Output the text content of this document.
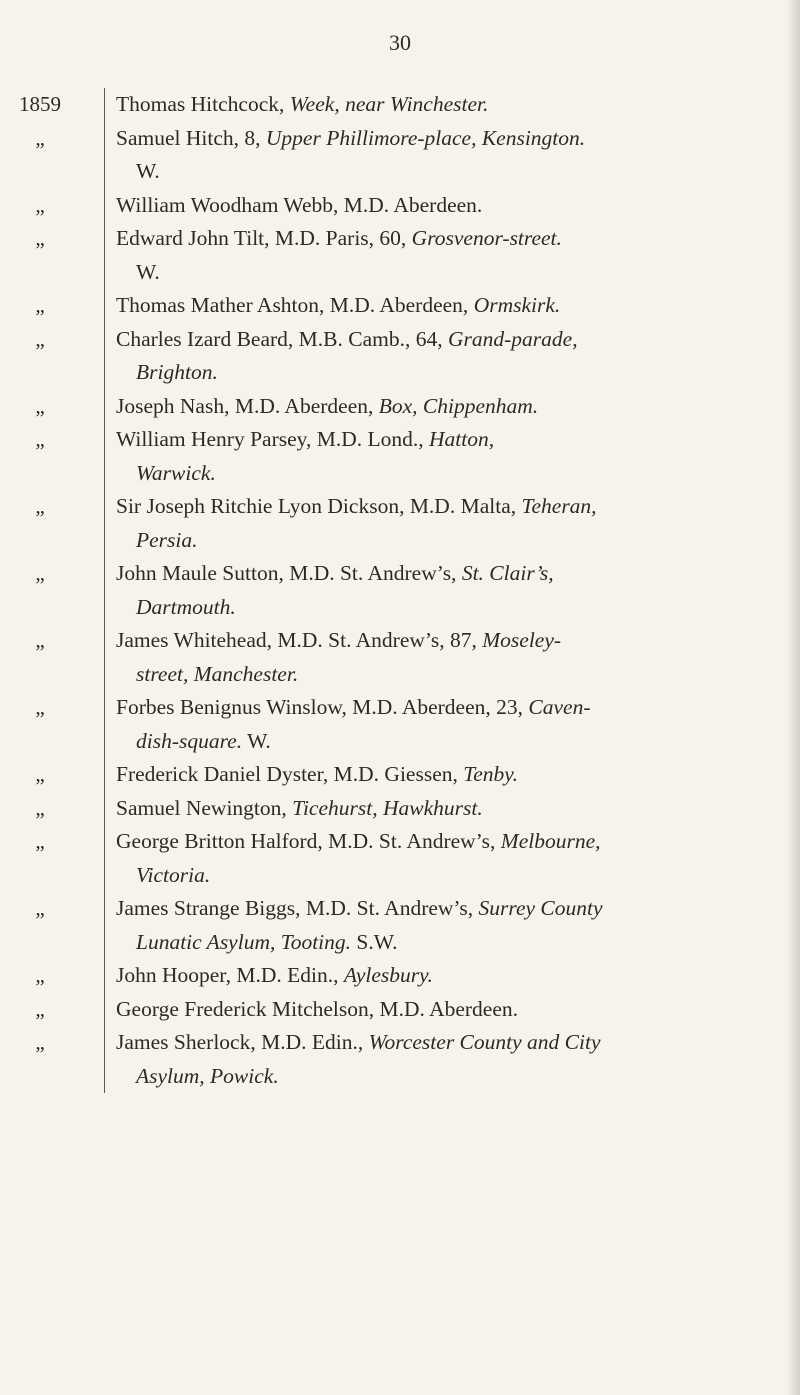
30
1859	Thomas Hitchcock, Week, near Winchester.
„	Samuel Hitch, 8, Upper Phillimore-place, Kensington.
W.
„	William Woodham Webb, M.D. Aberdeen.
„	Edward John Tilt, M.D. Paris, 60, Grosvenor-street.
W.
„	Thomas Mather Ashton, M.D. Aberdeen, Ormskirk.
„	Charles Izard Beard, M.B. Camb., 64, Grand-parade,
Brighton.
„	Joseph Nash, M.D. Aberdeen, Box, Chippenham.
„	William Henry Parsey, M.D. Lond., Hatton,
Warwick.
„	Sir Joseph Ritchie Lyon Dickson, M.D. Malta, Teheran,
Persia.
„	John Maule Sutton, M.D. St. Andrew’s, St. Clair’s,
Dartmouth.
„	James Whitehead, M.D. St. Andrew’s, 87, Moseley-
street, Manchester.
„	Forbes Benignus Winslow, M.D. Aberdeen, 23, Caven-
dish-square. W.
„	Frederick Daniel Dyster, M.D. Giessen, Tenby.
„	Samuel Newington, Ticehurst, Hawkhurst.
„	George Britton Halford, M.D. St. Andrew’s, Melbourne,
Victoria.
„	James Strange Biggs, M.D. St. Andrew’s, Surrey County
Lunatic Asylum, Tooting. S.W.
„	John Hooper, M.D. Edin., Aylesbury.
„	George Frederick Mitchelson, M.D. Aberdeen.
„	James Sherlock, M.D. Edin., Worcester County and City
Asylum, Powick.
